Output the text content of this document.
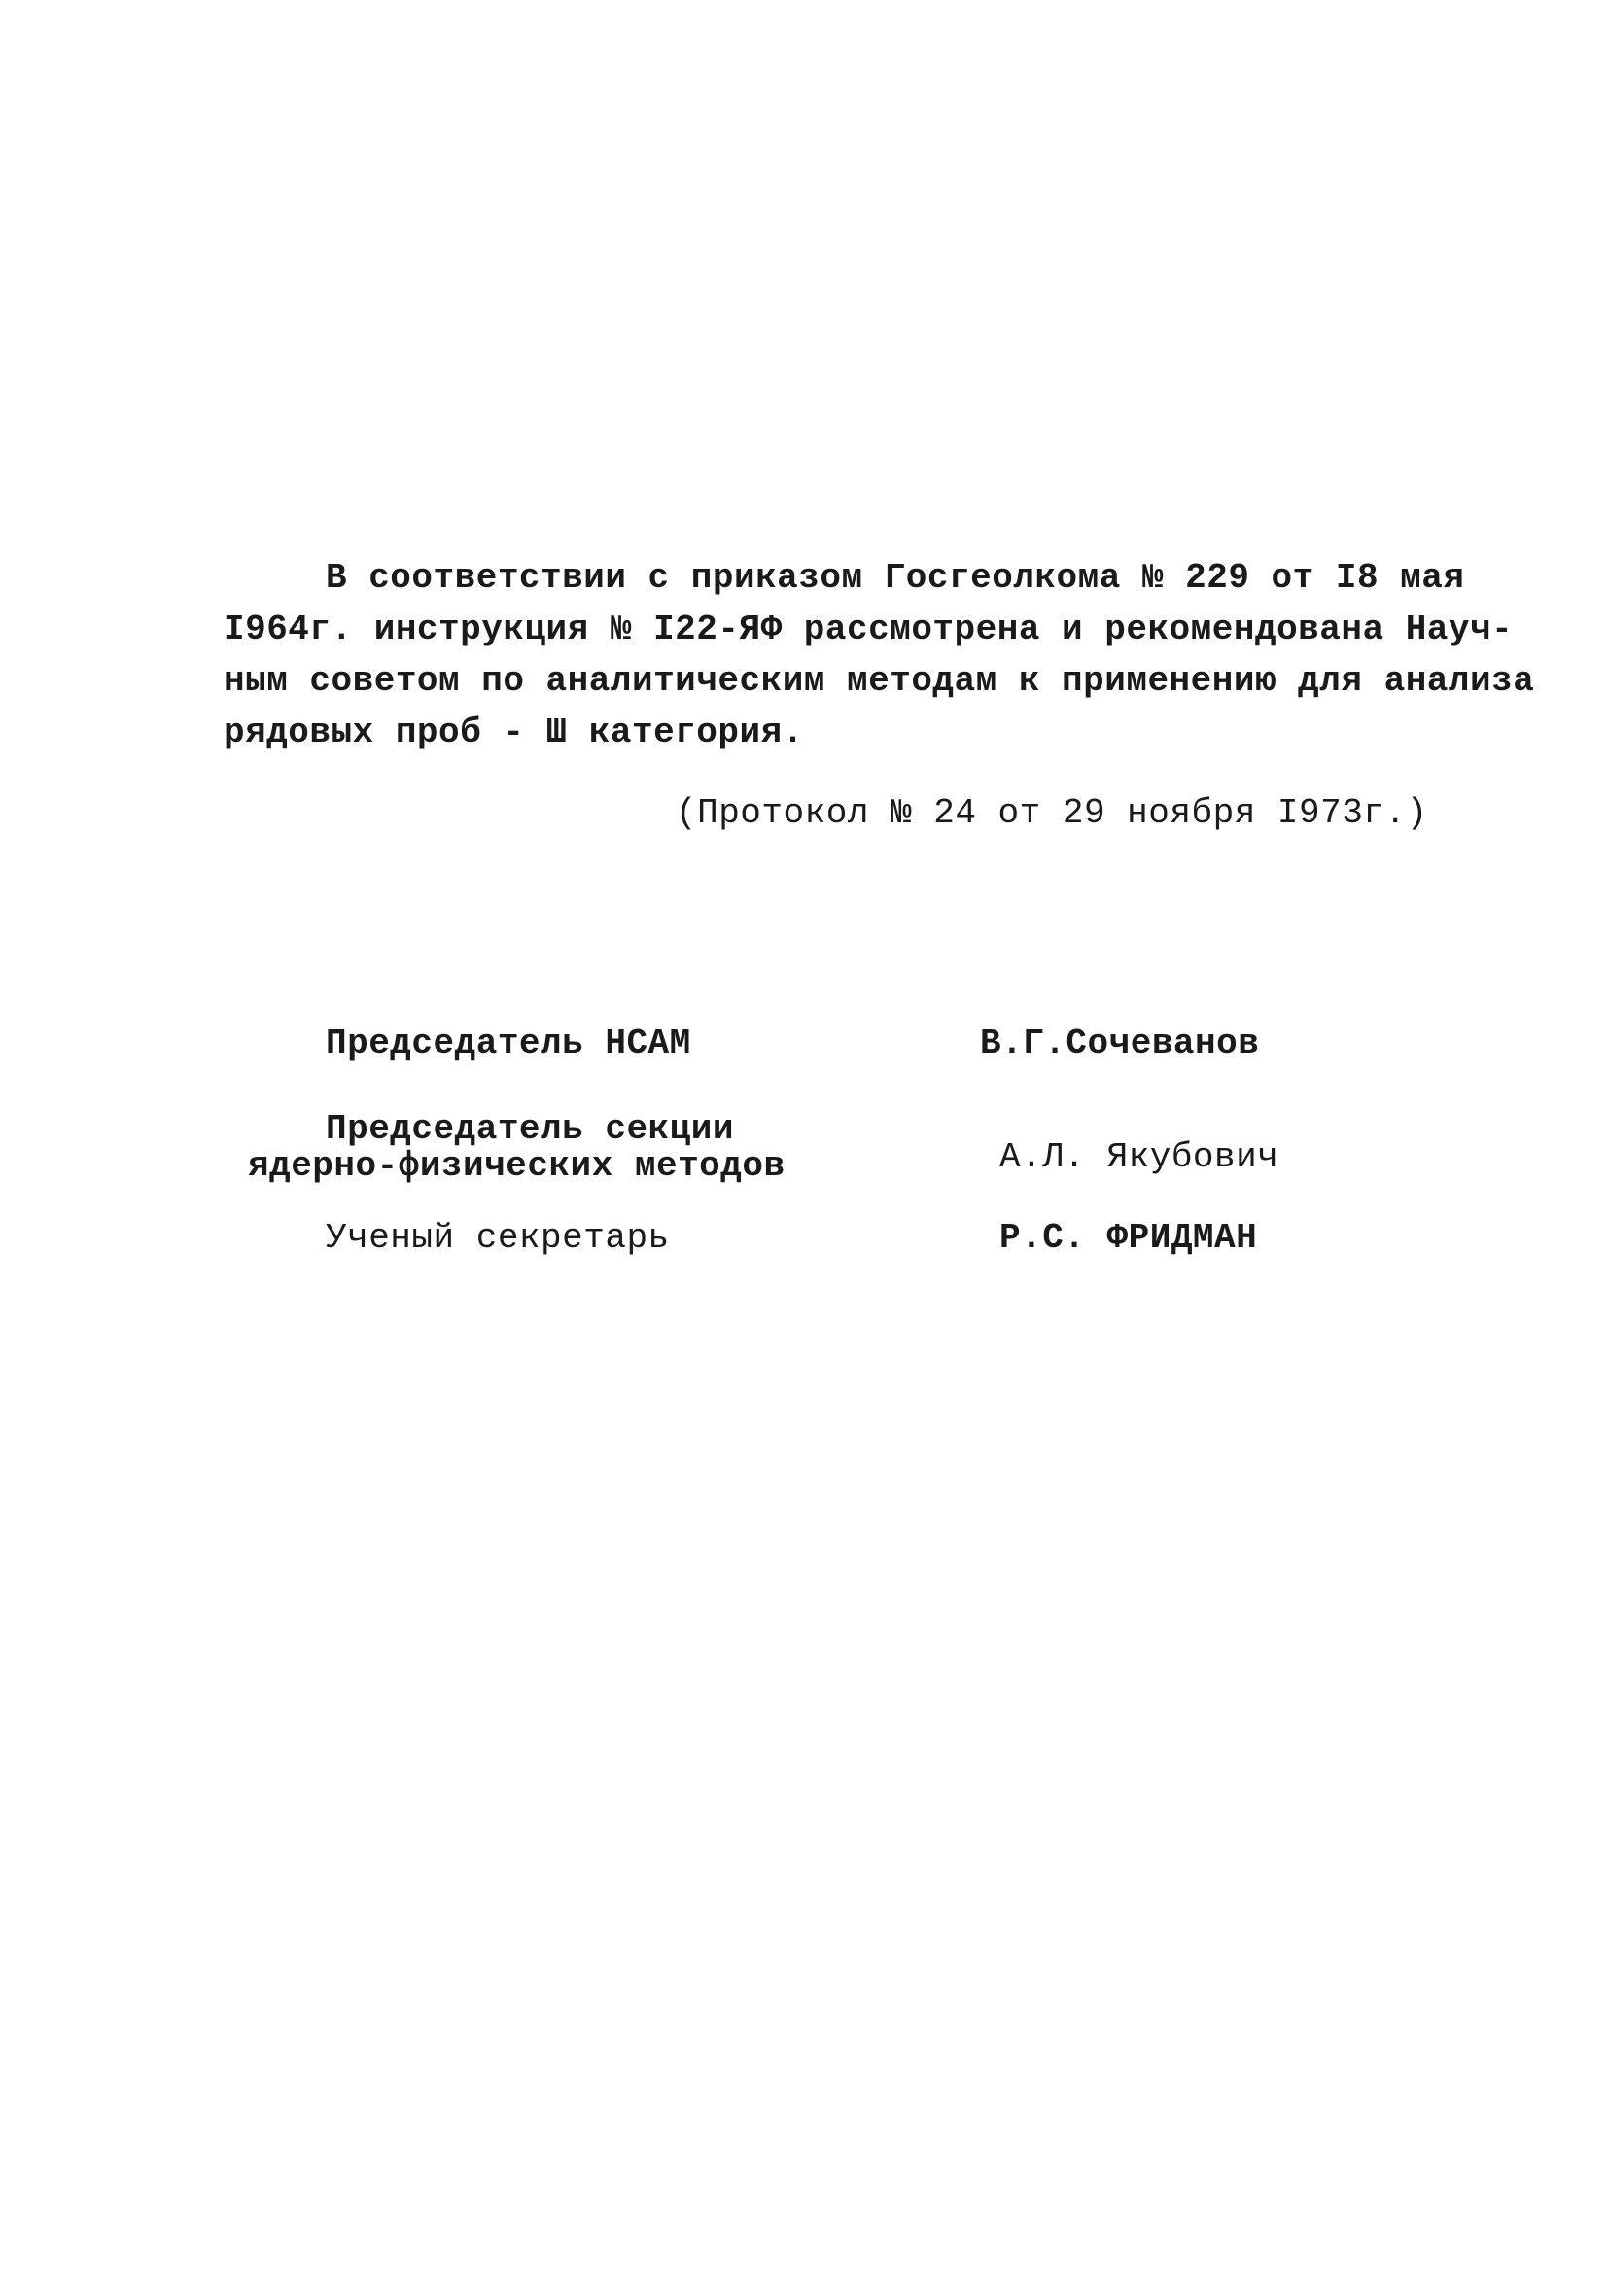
В соответствии с приказом Госгеолкома № 229 от I8 мая
I964г. инструкция № I22-ЯФ рассмотрена и рекомендована Науч-
ным советом по аналитическим методам к применению для анализа
рядовых проб - Ш категория.
(Протокол № 24 от 29 ноября I973г.)
Председатель НСАМ	В.Г.Сочеванов
Председатель секции
ядерно-физических методов	А.Л. Якубович
Ученый секретарь	Р.С. ФРИДМАН
